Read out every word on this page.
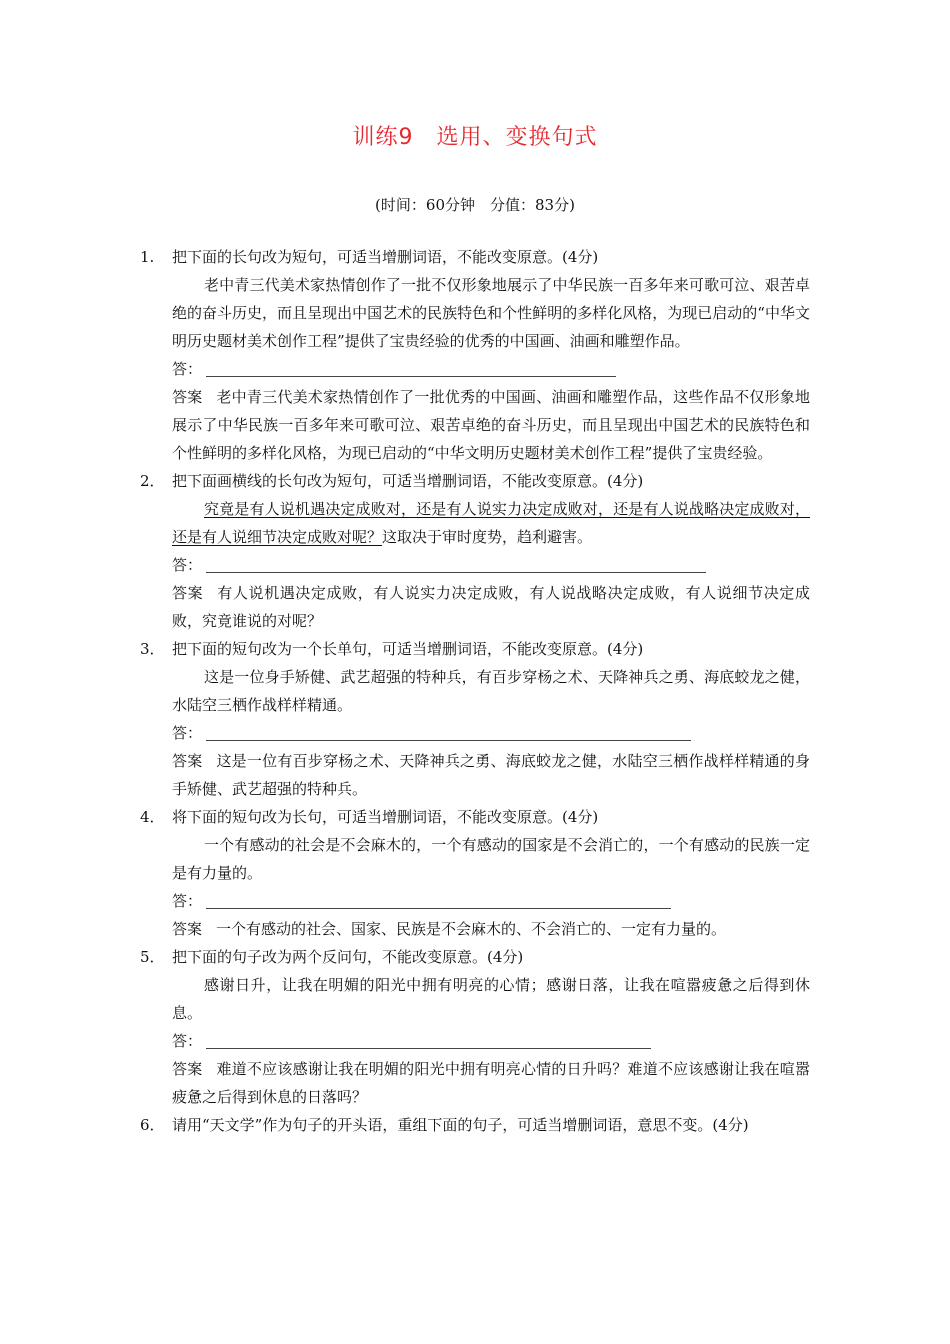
训练9　选用、变换句式
(时间：60分钟　分值：83分)
1. 把下面的长句改为短句，可适当增删词语，不能改变原意。(4分)
老中青三代美术家热情创作了一批不仅形象地展示了中华民族一百多年来可歌可泣、艰苦卓绝的奋斗历史，而且呈现出中国艺术的民族特色和个性鲜明的多样化风格，为现已启动的“中华文明历史题材美术创作工程”提供了宝贵经验的优秀的中国画、油画和雕塑作品。
答：
答案 老中青三代美术家热情创作了一批优秀的中国画、油画和雕塑作品，这些作品不仅形象地展示了中华民族一百多年来可歌可泣、艰苦卓绝的奋斗历史，而且呈现出中国艺术的民族特色和个性鲜明的多样化风格，为现已启动的“中华文明历史题材美术创作工程”提供了宝贵经验。
2． 把下面画横线的长句改为短句，可适当增删词语，不能改变原意。(4分)
究竟是有人说机遇决定成败对，还是有人说实力决定成败对，还是有人说战略决定成败对，还是有人说细节决定成败对呢？这取决于审时度势，趋利避害。
答：
答案 有人说机遇决定成败，有人说实力决定成败，有人说战略决定成败，有人说细节决定成败，究竟谁说的对呢？
3． 把下面的短句改为一个长单句，可适当增删词语，不能改变原意。(4分)
这是一位身手矫健、武艺超强的特种兵，有百步穿杨之术、天降神兵之勇、海底蛟龙之健，水陆空三栖作战样样精通。
答：
答案 这是一位有百步穿杨之术、天降神兵之勇、海底蛟龙之健，水陆空三栖作战样样精通的身手矫健、武艺超强的特种兵。
4． 将下面的短句改为长句，可适当增删词语，不能改变原意。(4分)
一个有感动的社会是不会麻木的，一个有感动的国家是不会消亡的，一个有感动的民族一定是有力量的。
答：
答案 一个有感动的社会、国家、民族是不会麻木的、不会消亡的、一定有力量的。
5． 把下面的句子改为两个反问句，不能改变原意。(4分)
感谢日升，让我在明媚的阳光中拥有明亮的心情；感谢日落，让我在喧嚣疲惫之后得到休息。
答：
答案 难道不应该感谢让我在明媚的阳光中拥有明亮心情的日升吗？难道不应该感谢让我在喧嚣疲惫之后得到休息的日落吗？
6． 请用“天文学”作为句子的开头语，重组下面的句子，可适当增删词语，意思不变。(4分)
